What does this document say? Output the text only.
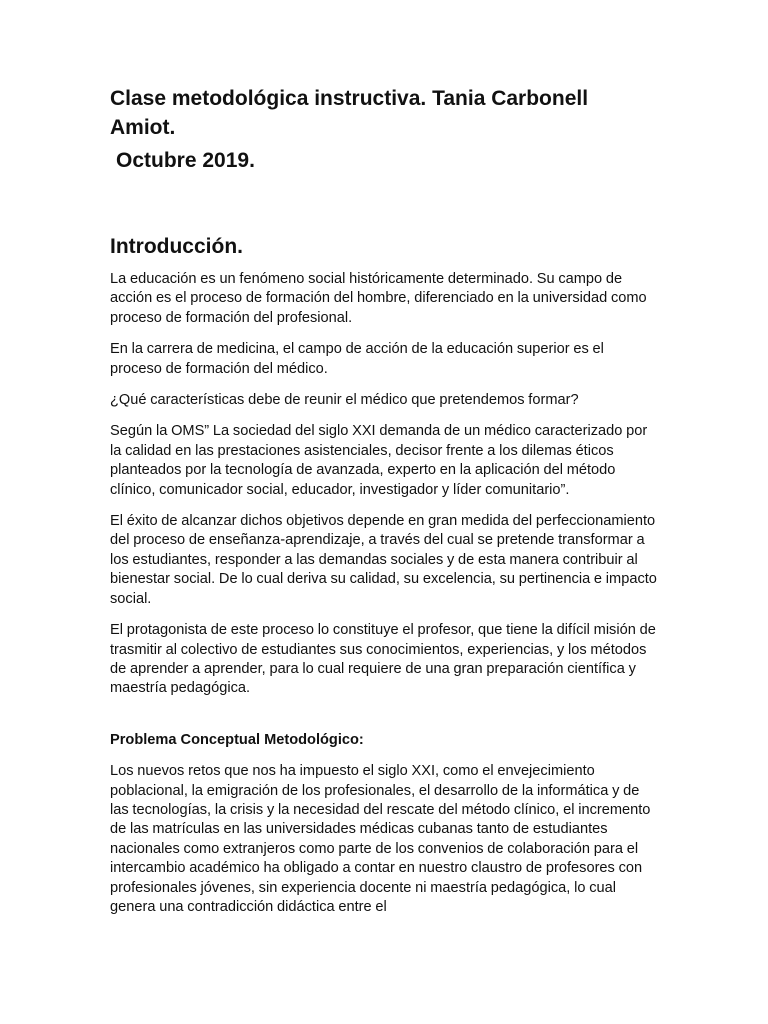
Clase metodológica instructiva. Tania Carbonell Amiot.
Octubre 2019.
Introducción.

La educación es un fenómeno social históricamente determinado. Su campo de acción es el proceso de formación del hombre, diferenciado en la universidad como proceso de formación del profesional.

En la carrera de medicina, el campo de acción de la educación superior es el proceso de formación del médico.

¿Qué características debe de reunir el médico que pretendemos formar?

Según la OMS” La sociedad del siglo XXI demanda de un médico caracterizado por la calidad en las prestaciones asistenciales, decisor frente a los dilemas éticos planteados por la tecnología de avanzada, experto en la aplicación del método clínico, comunicador social, educador, investigador y líder comunitario”.

El éxito de alcanzar dichos objetivos depende en gran medida del perfeccionamiento del proceso de enseñanza-aprendizaje, a través del cual se pretende transformar a los estudiantes, responder a las demandas sociales y de esta manera contribuir al bienestar social. De lo cual deriva su calidad, su excelencia, su pertinencia e impacto social.

El protagonista de este proceso lo constituye el profesor, que tiene la difícil misión de trasmitir al colectivo de estudiantes sus conocimientos, experiencias, y los métodos de aprender a aprender, para lo cual requiere de una gran preparación científica y maestría pedagógica.

Problema Conceptual Metodológico:

Los nuevos retos que nos ha impuesto el siglo XXI, como el envejecimiento poblacional, la emigración de los profesionales, el desarrollo de la informática y de las tecnologías, la crisis y la necesidad del rescate del método clínico, el incremento de las matrículas en las universidades médicas cubanas tanto de estudiantes nacionales como extranjeros como parte de los convenios de colaboración para el intercambio académico ha obligado a contar en nuestro claustro de profesores con profesionales jóvenes, sin experiencia docente ni maestría pedagógica, lo cual genera una contradicción didáctica entre el
